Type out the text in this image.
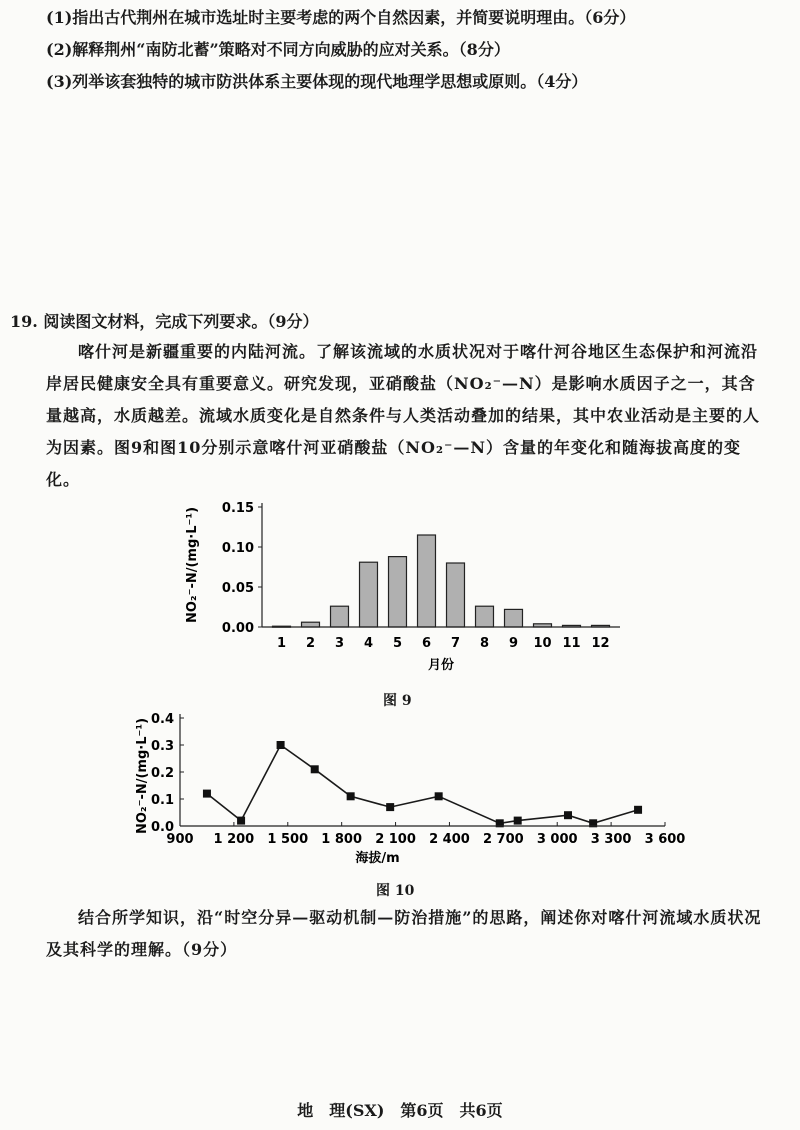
(1)指出古代荆州在城市选址时主要考虑的两个自然因素，并简要说明理由。（6分）
(2)解释荆州“南防北蓄”策略对不同方向威胁的应对关系。（8分）
(3)列举该套独特的城市防洪体系主要体现的现代地理学思想或原则。（4分）
19. 阅读图文材料，完成下列要求。（9分）
喀什河是新疆重要的内陆河流。了解该流域的水质状况对于喀什河谷地区生态保护和河流沿岸居民健康安全具有重要意义。研究发现，亚硝酸盐（NO₂⁻—N）是影响水质因子之一，其含量越高，水质越差。流域水质变化是自然条件与人类活动叠加的结果，其中农业活动是主要的人为因素。图9和图10分别示意喀什河亚硝酸盐（NO₂⁻—N）含量的年变化和随海拔高度的变化。
NO₂⁻-N/(mg·L⁻¹)
0.00
0.05
0.10
0.15
1 2 3 4 5 6 7 8 9 10 11 12
月份
图 9
NO₂⁻-N/(mg·L⁻¹) 0.0
0.1
0.2
0.3
0.4
900 1 200 1 500 1 800 2 100 2 400 2 700 3 000 3 300 3 600
海拔/m
图 10
结合所学知识，沿“时空分异—驱动机制—防治措施”的思路，阐述你对喀什河流域水质状况及其科学的理解。（9分）
地　理(SX)　第6页　共6页
